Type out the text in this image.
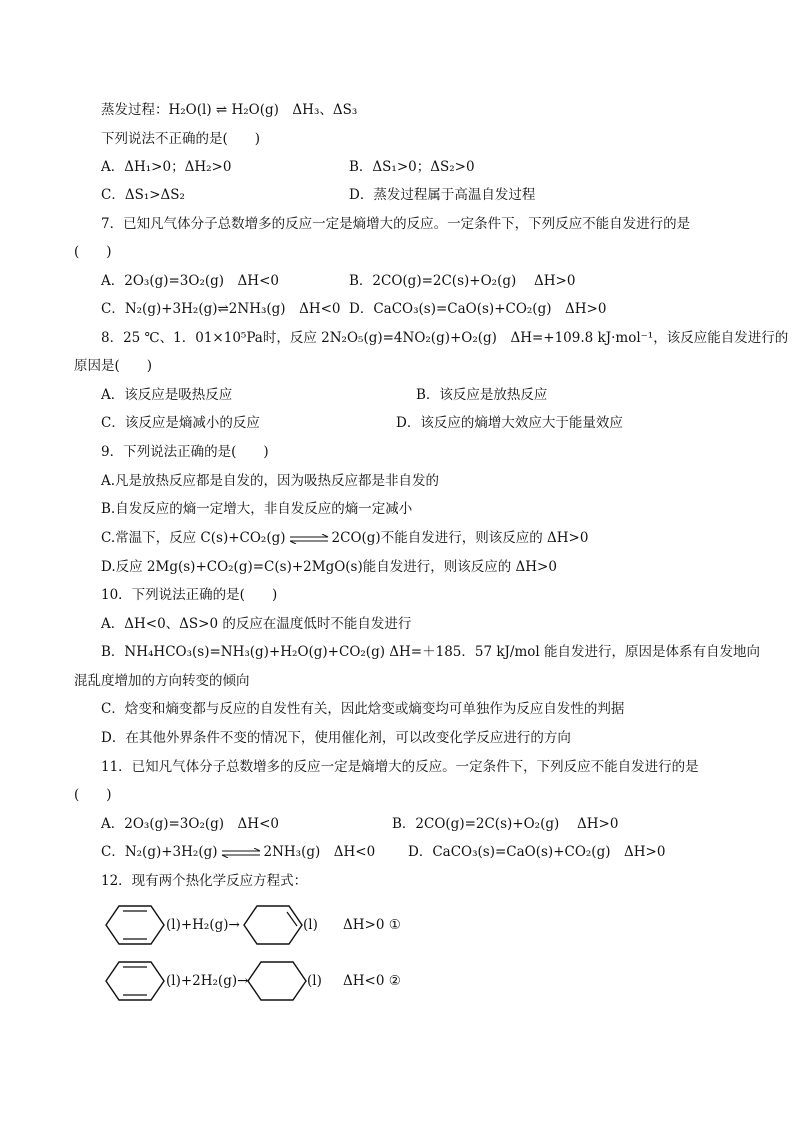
蒸发过程：H₂O(l) ⇌ H₂O(g)　ΔH₃、ΔS₃
下列说法不正确的是(　　)
A．ΔH₁>0；ΔH₂>0	B．ΔS₁>0；ΔS₂>0
C．ΔS₁>ΔS₂	D．蒸发过程属于高温自发过程
7．已知凡气体分子总数增多的反应一定是熵增大的反应。一定条件下，下列反应不能自发进行的是
(　　)
A．2O₃(g)=3O₂(g)　ΔH<0	B．2CO(g)=2C(s)+O₂(g)　 ΔH>0
C．N₂(g)+3H₂(g)⇌2NH₃(g)　ΔH<0 D．CaCO₃(s)=CaO(s)+CO₂(g)　ΔH>0
8．25 ℃、1．01×10⁵Pa时，反应 2N₂O₅(g)=4NO₂(g)+O₂(g)　ΔH=+109.8 kJ·mol⁻¹，该反应能自发进行的
原因是(　　)
A．该反应是吸热反应	B．该反应是放热反应
C．该反应是熵减小的反应	D．该反应的熵增大效应大于能量效应
9．下列说法正确的是(　　)
A.凡是放热反应都是自发的，因为吸热反应都是非自发的
B.自发反应的熵一定增大，非自发反应的熵一定减小
C.常温下，反应 C(s)+CO₂(g) ⇌ 2CO(g)不能自发进行，则该反应的 ΔH>0
D.反应 2Mg(s)+CO₂(g)=C(s)+2MgO(s)能自发进行，则该反应的 ΔH>0
10．下列说法正确的是(　　)
A．ΔH<0、ΔS>0 的反应在温度低时不能自发进行
B．NH₄HCO₃(s)=NH₃(g)+H₂O(g)+CO₂(g) ΔH=＋185．57 kJ/mol 能自发进行，原因是体系有自发地向
混乱度增加的方向转变的倾向
C．焓变和熵变都与反应的自发性有关，因此焓变或熵变均可单独作为反应自发性的判据
D．在其他外界条件不变的情况下，使用催化剂，可以改变化学反应进行的方向
11．已知凡气体分子总数增多的反应一定是熵增大的反应。一定条件下，下列反应不能自发进行的是
(　　)
A．2O₃(g)=3O₂(g)　ΔH<0	B．2CO(g)=2C(s)+O₂(g)　 ΔH>0
C．N₂(g)+3H₂(g) ⇌ 2NH₃(g)　ΔH<0 D．CaCO₃(s)=CaO(s)+CO₂(g)　ΔH>0
12．现有两个热化学反应方程式：
(l)+H₂(g)→	(l) ΔH>0 ①
(l)+2H₂(g)→	(l) ΔH<0 ②
